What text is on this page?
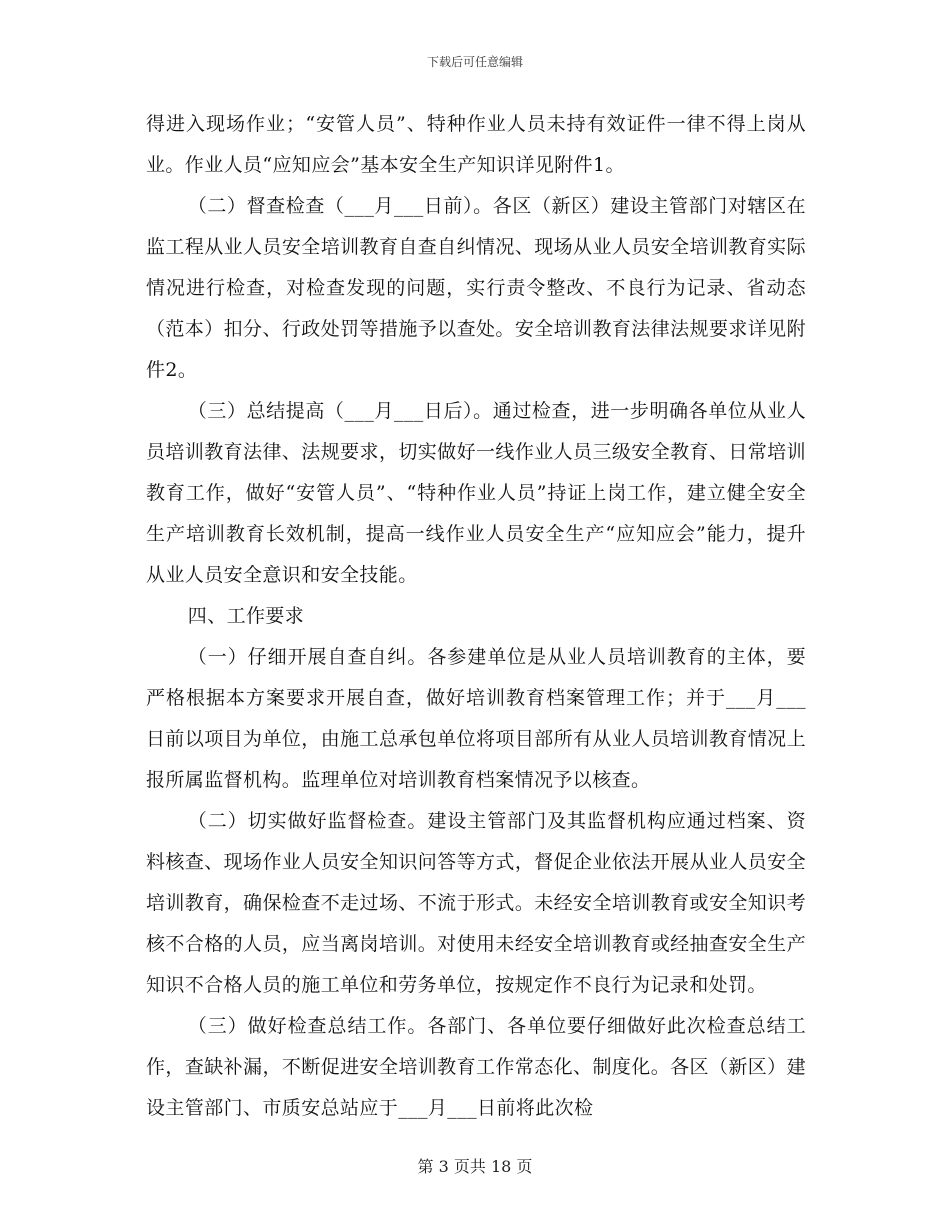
下载后可任意编辑

得进入现场作业；“安管人员”、特种作业人员未持有效证件一律不得上岗从业。作业人员“应知应会”基本安全生产知识详见附件1。

（二）督查检查（___月___日前）。各区（新区）建设主管部门对辖区在监工程从业人员安全培训教育自查自纠情况、现场从业人员安全培训教育实际情况进行检查，对检查发现的问题，实行责令整改、不良行为记录、省动态（范本）扣分、行政处罚等措施予以查处。安全培训教育法律法规要求详见附件2。

（三）总结提高（___月___日后）。通过检查，进一步明确各单位从业人员培训教育法律、法规要求，切实做好一线作业人员三级安全教育、日常培训教育工作，做好“安管人员”、“特种作业人员”持证上岗工作，建立健全安全生产培训教育长效机制，提高一线作业人员安全生产“应知应会”能力，提升从业人员安全意识和安全技能。

四、工作要求

（一）仔细开展自查自纠。各参建单位是从业人员培训教育的主体，要严格根据本方案要求开展自查，做好培训教育档案管理工作；并于___月___日前以项目为单位，由施工总承包单位将项目部所有从业人员培训教育情况上报所属监督机构。监理单位对培训教育档案情况予以核查。

（二）切实做好监督检查。建设主管部门及其监督机构应通过档案、资料核查、现场作业人员安全知识问答等方式，督促企业依法开展从业人员安全培训教育，确保检查不走过场、不流于形式。未经安全培训教育或安全知识考核不合格的人员，应当离岗培训。对使用未经安全培训教育或经抽查安全生产知识不合格人员的施工单位和劳务单位，按规定作不良行为记录和处罚。

（三）做好检查总结工作。各部门、各单位要仔细做好此次检查总结工作，查缺补漏，不断促进安全培训教育工作常态化、制度化。各区（新区）建设主管部门、市质安总站应于___月___日前将此次检

第 3 页共 18 页
